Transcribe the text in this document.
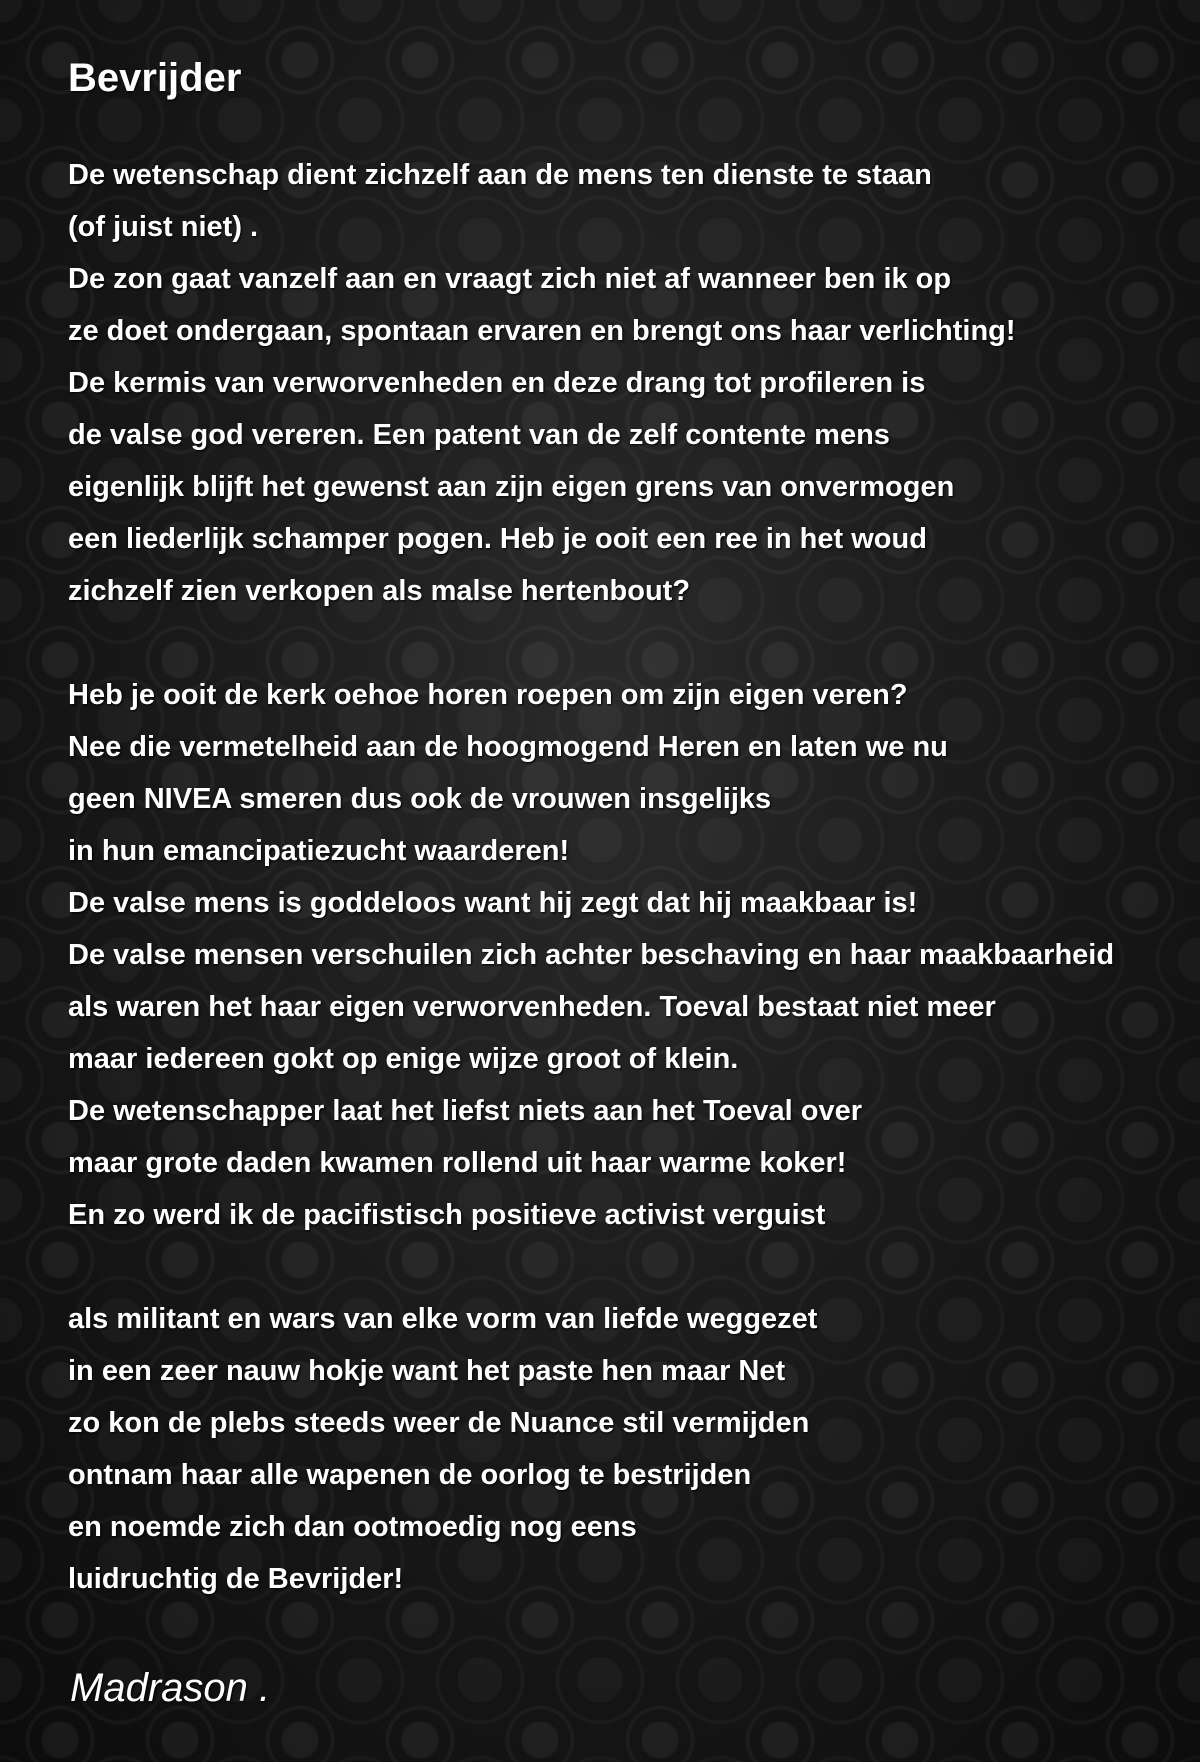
Bevrijder
De wetenschap dient zichzelf aan de mens ten dienste te staan
(of juist niet) .
De zon gaat vanzelf aan en vraagt zich niet af wanneer ben ik op
ze doet ondergaan, spontaan ervaren en brengt ons haar verlichting!
De kermis van verworvenheden en deze drang tot profileren is
de valse god vereren. Een patent van de zelf contente mens
eigenlijk blijft het gewenst aan zijn eigen grens van onvermogen
een liederlijk schamper pogen. Heb je ooit een ree in het woud
zichzelf zien verkopen als malse hertenbout?
Heb je ooit de kerk oehoe horen roepen om zijn eigen veren?
Nee die vermetelheid aan de hoogmogend Heren en laten we nu
geen NIVEA smeren dus ook de vrouwen insgelijks
in hun emancipatiezucht waarderen!
De valse mens is goddeloos want hij zegt dat hij maakbaar is!
De valse mensen verschuilen zich achter beschaving en haar maakbaarheid
als waren het haar eigen verworvenheden. Toeval bestaat niet meer
maar iedereen gokt op enige wijze groot of klein.
De wetenschapper laat het liefst niets aan het Toeval over
maar grote daden kwamen rollend uit haar warme koker!
En zo werd ik de pacifistisch positieve activist verguist
als militant en wars van elke vorm van liefde weggezet
in een zeer nauw hokje want het paste hen maar Net
zo kon de plebs steeds weer de Nuance stil vermijden
ontnam haar alle wapenen de oorlog te bestrijden
en noemde zich dan ootmoedig nog eens
luidruchtig de Bevrijder!

Madrason .
